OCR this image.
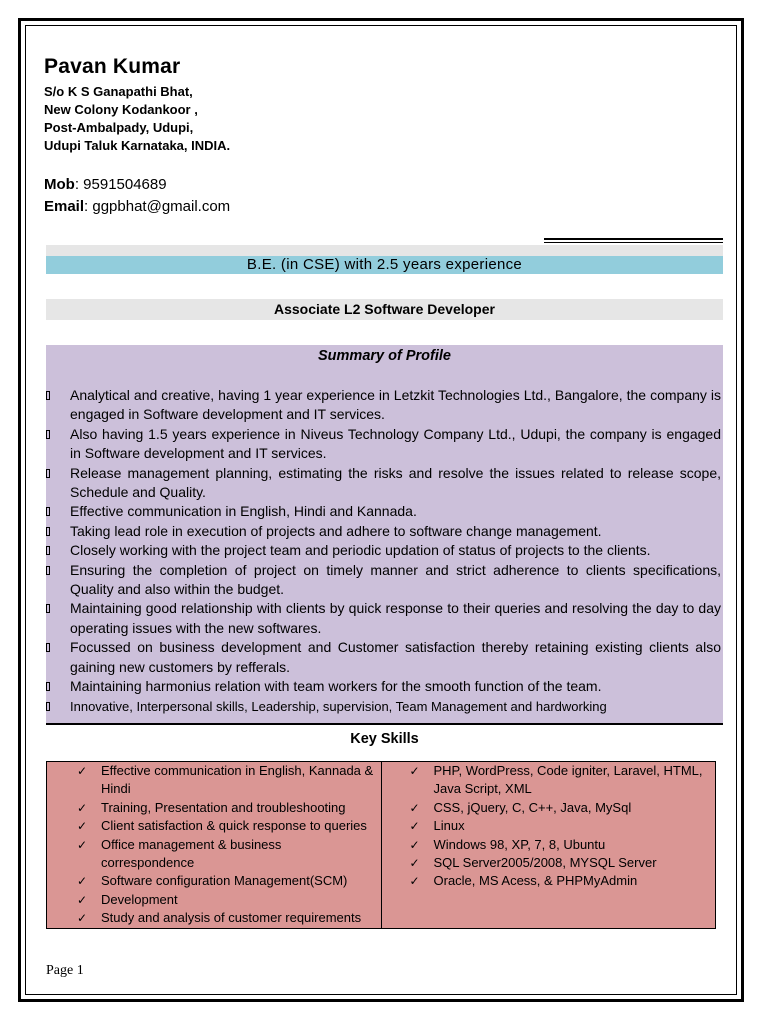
Pavan Kumar
S/o K S Ganapathi Bhat,
New Colony Kodankoor ,
Post-Ambalpady, Udupi,
Udupi Taluk Karnataka, INDIA.
Mob: 9591504689
Email: ggpbhat@gmail.com
B.E. (in CSE) with 2.5 years experience
Associate L2 Software Developer
Summary of Profile
Analytical and creative, having 1 year experience in Letzkit Technologies Ltd., Bangalore, the company is engaged in Software development and IT services.
Also having 1.5 years experience in Niveus Technology Company Ltd., Udupi, the company is engaged in Software development and IT services.
Release management planning, estimating the risks and resolve the issues related to release scope, Schedule and Quality.
Effective communication in English, Hindi and Kannada.
Taking lead role in execution of projects and adhere to software change management.
Closely working with the project team and periodic updation of status of projects to the clients.
Ensuring the completion of project on timely manner and strict adherence to clients specifications, Quality and also within the budget.
Maintaining good relationship with clients by quick response to their queries and resolving the day to day operating issues with the new softwares.
Focussed on business development and Customer satisfaction thereby retaining existing clients also gaining new customers by refferals.
Maintaining harmonius relation with team workers for the smooth function of the team.
Innovative, Interpersonal skills, Leadership, supervision, Team Management and hardworking
Key Skills
✓ Effective communication in English, Kannada & Hindi
✓ Training, Presentation and troubleshooting
✓ Client satisfaction & quick response to queries
✓ Office management & business correspondence
✓ Software configuration Management(SCM)
✓ Development
✓ Study and analysis of customer requirements

✓ PHP, WordPress, Code igniter, Laravel, HTML, Java Script, XML
✓ CSS, jQuery, C, C++, Java, MySql
✓ Linux
✓ Windows 98, XP, 7, 8, Ubuntu
✓ SQL Server2005/2008, MYSQL Server
✓ Oracle, MS Acess, & PHPMyAdmin
Page 1
